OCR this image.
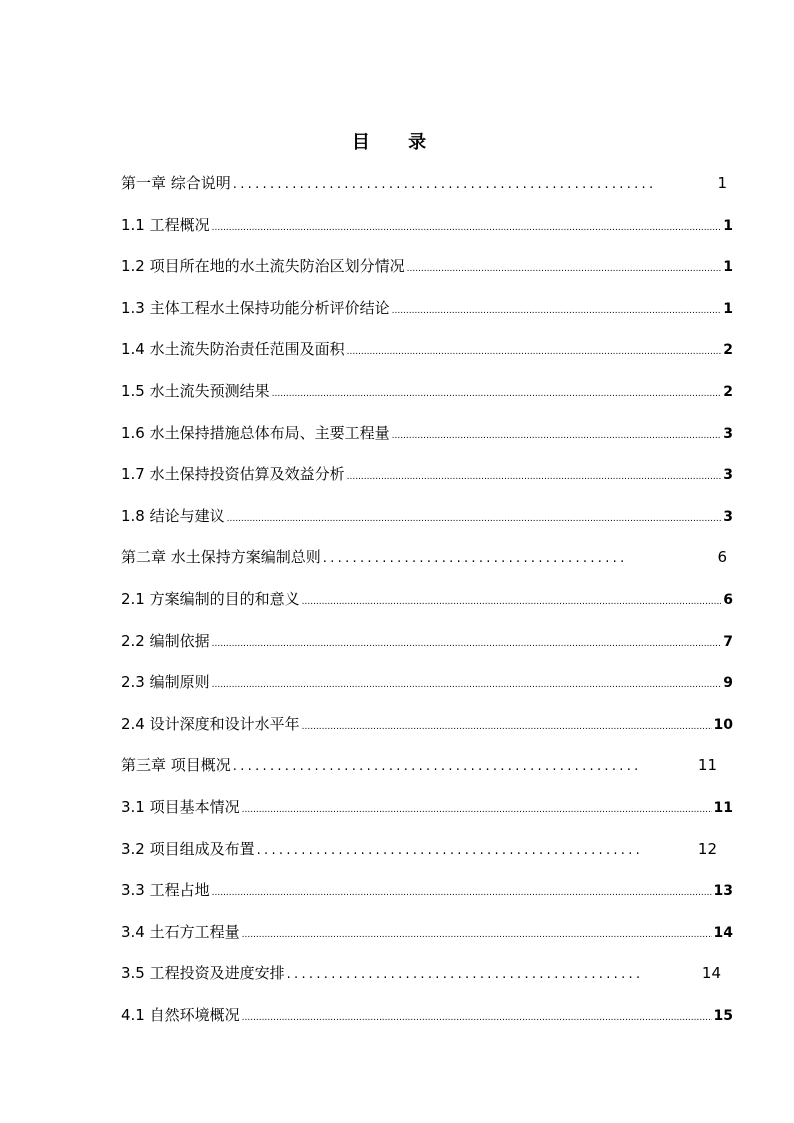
目 录
第一章 综合说明 .....	1
1.1 工程概况 .....	1
1.2 项目所在地的水土流失防治区划分情况 .....	1
1.3 主体工程水土保持功能分析评价结论 .....	1
1.4 水土流失防治责任范围及面积 .....	2
1.5 水土流失预测结果 .....	2
1.6 水土保持措施总体布局、主要工程量 .....	3
1.7 水土保持投资估算及效益分析 .....	3
1.8 结论与建议 .....	3
第二章 水土保持方案编制总则 .....	6
2.1 方案编制的目的和意义 .....	6
2.2 编制依据 .....	7
2.3 编制原则 .....	9
2.4 设计深度和设计水平年 .....	10
第三章 项目概况 .....	11
3.1 项目基本情况 .....	11
3.2 项目组成及布置 .....	12
3.3 工程占地 .....	13
3.4 土石方工程量 .....	14
3.5 工程投资及进度安排 .....	14
4.1 自然环境概况 .....	15
